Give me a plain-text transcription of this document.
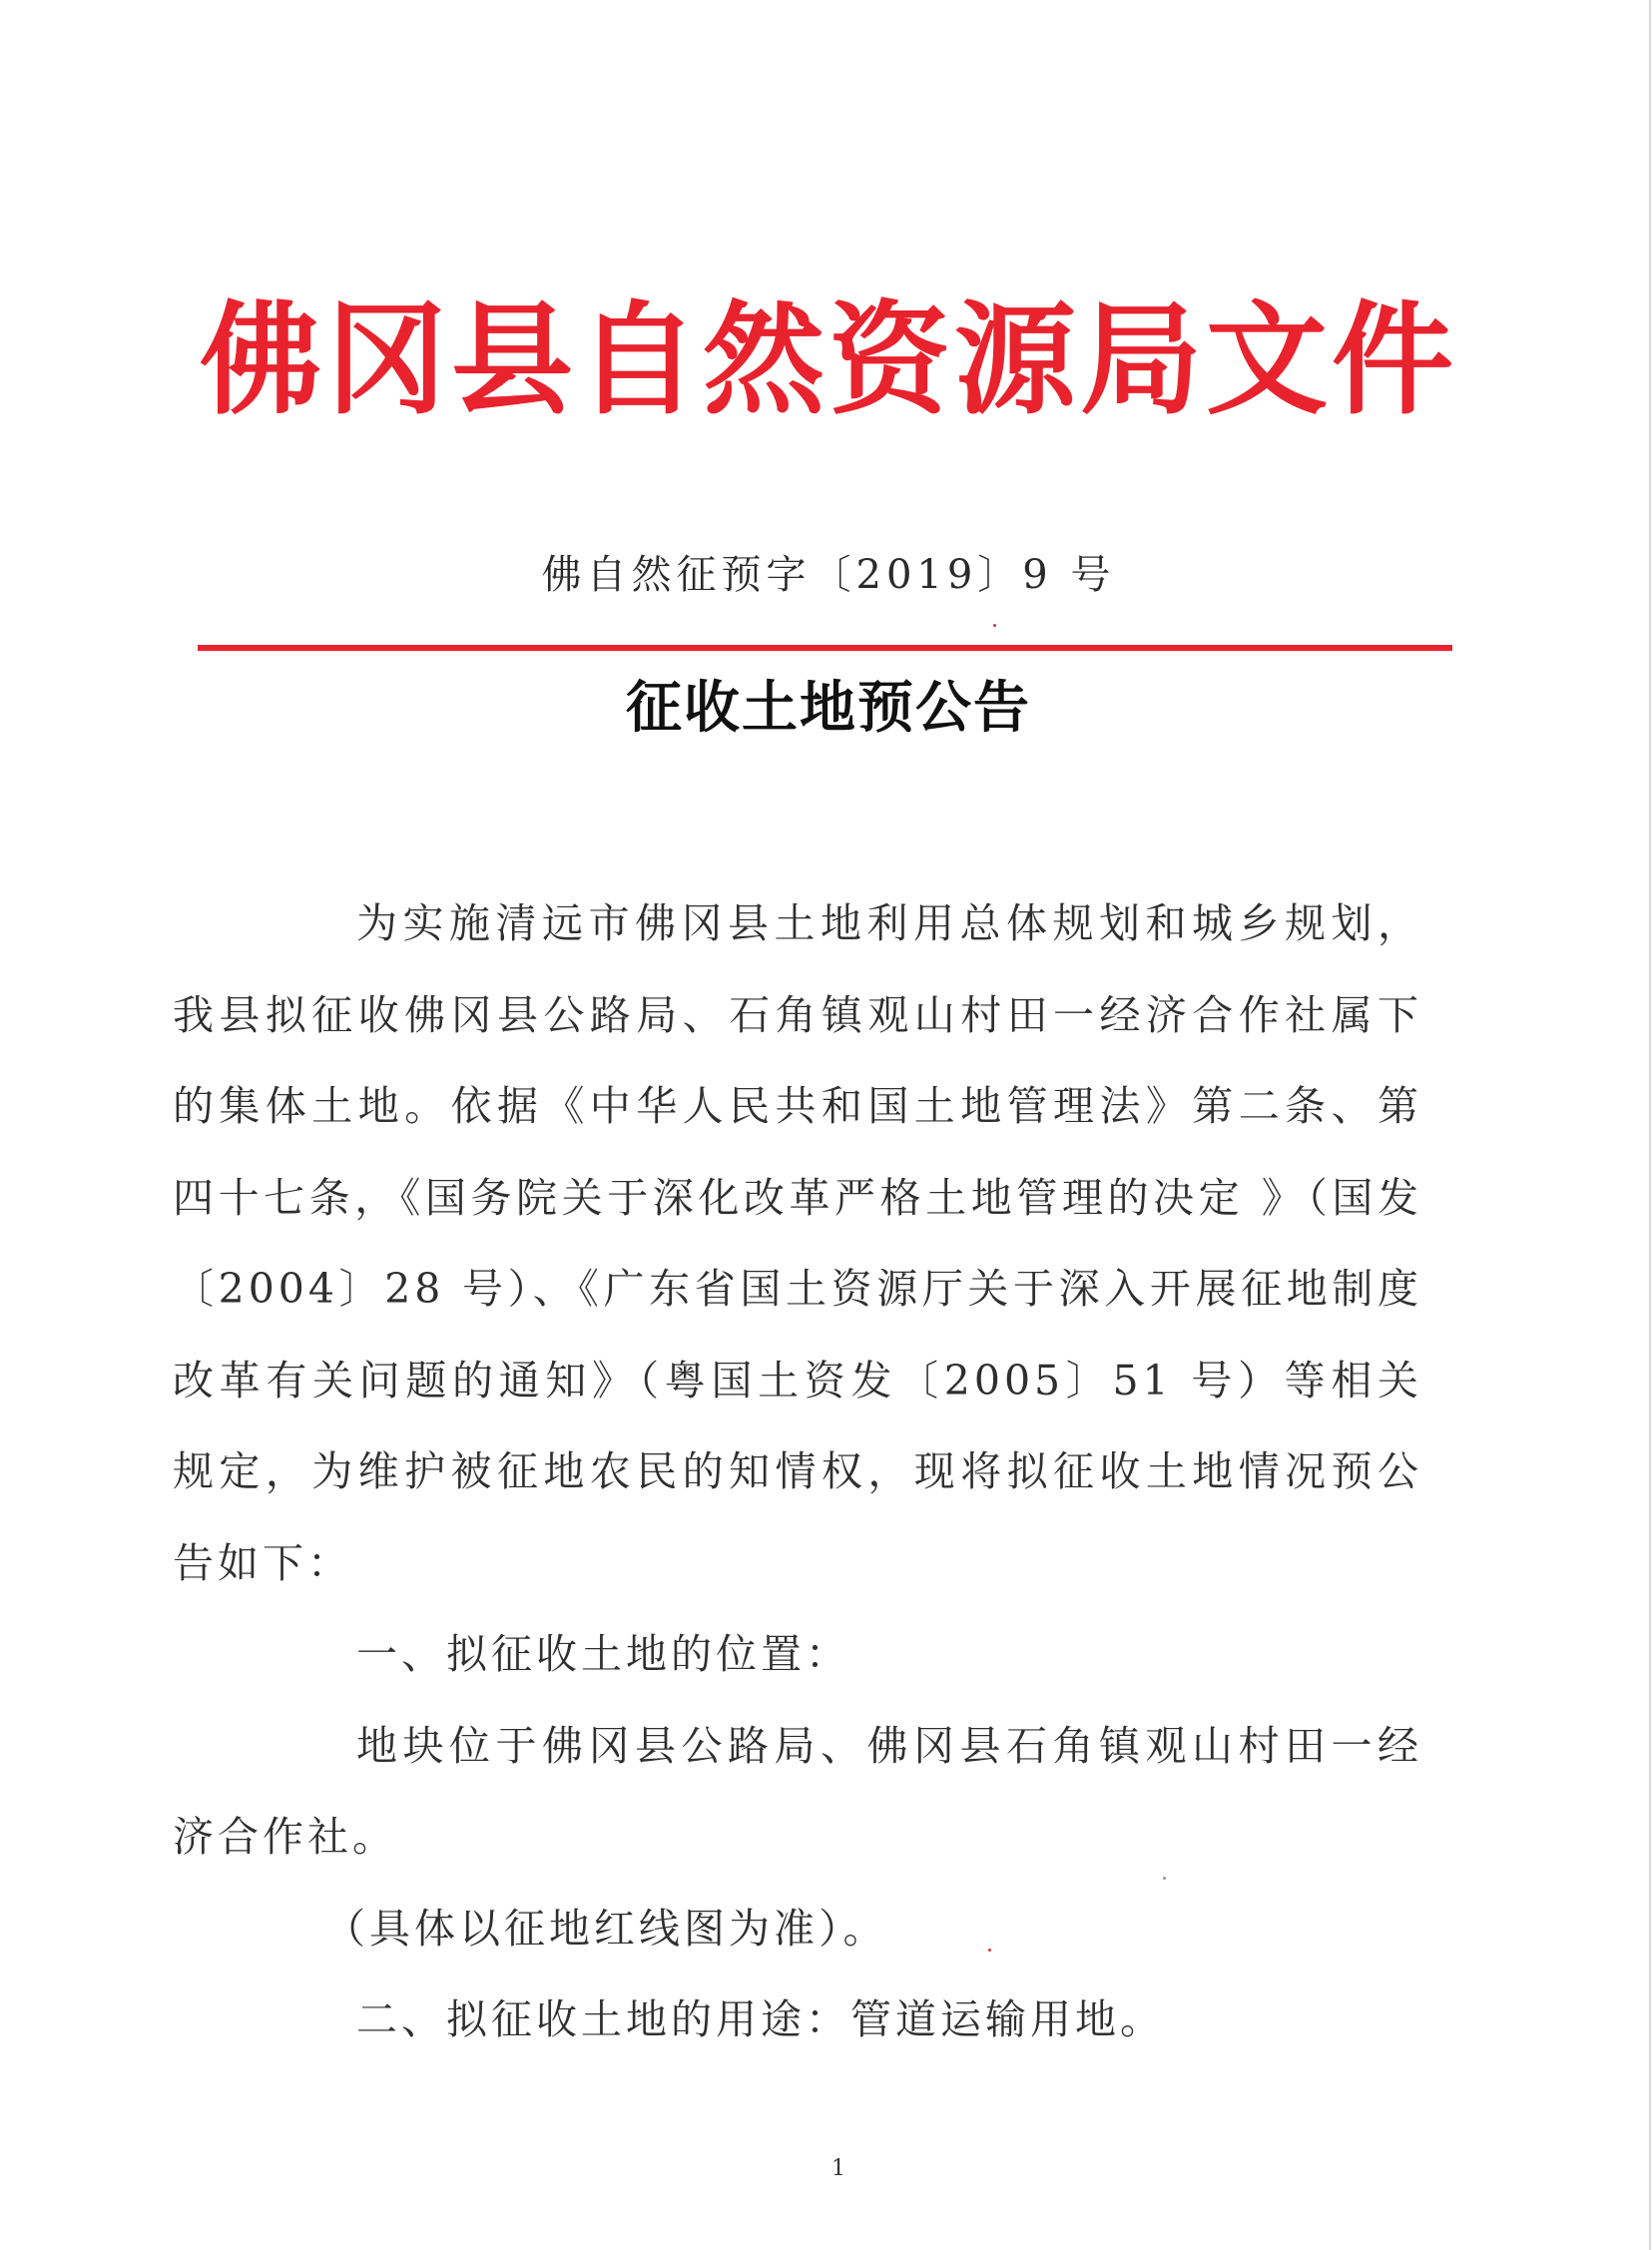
佛冈县自然资源局文件
佛自然征预字〔2019〕9 号
征收土地预公告

为实施清远市佛冈县土地利用总体规划和城乡规划，我县拟征收佛冈县公路局、石角镇观山村田一经济合作社属下的集体土地。依据《中华人民共和国土地管理法》第二条、第四十七条，《国务院关于深化改革严格土地管理的决定 》（国发〔2004〕28 号）、《广东省国土资源厅关于深入开展征地制度改革有关问题的通知》（粤国土资发〔2005〕51 号）等相关规定，为维护被征地农民的知情权，现将拟征收土地情况预公告如下：

一、拟征收土地的位置：

地块位于佛冈县公路局、佛冈县石角镇观山村田一经济合作社。

（具体以征地红线图为准）。

二、拟征收土地的用途：管道运输用地。

1
